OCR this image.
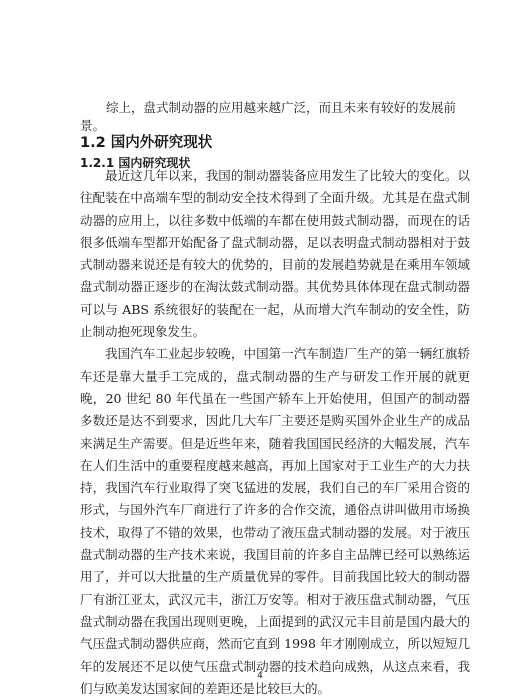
综上，盘式制动器的应用越来越广泛，而且未来有较好的发展前景。

1.2 国内外研究现状
1.2.1 国内研究现状

最近这几年以来，我国的制动器装备应用发生了比较大的变化。以往配装在中高端车型的制动安全技术得到了全面升级。尤其是在盘式制动器的应用上，以往多数中低端的车都在使用鼓式制动器，而现在的话很多低端车型都开始配备了盘式制动器，足以表明盘式制动器相对于鼓式制动器来说还是有较大的优势的，目前的发展趋势就是在乘用车领域盘式制动器正逐步的在淘汰鼓式制动器。其优势具体体现在盘式制动器可以与 ABS 系统很好的装配在一起，从而增大汽车制动的安全性，防止制动抱死现象发生。

我国汽车工业起步较晚，中国第一汽车制造厂生产的第一辆红旗轿车还是靠大量手工完成的，盘式制动器的生产与研发工作开展的就更晚，20 世纪 80 年代虽在一些国产轿车上开始使用，但国产的制动器多数还是达不到要求，因此几大车厂主要还是购买国外企业生产的成品来满足生产需要。但是近些年来，随着我国国民经济的大幅发展，汽车在人们生活中的重要程度越来越高，再加上国家对于工业生产的大力扶持，我国汽车行业取得了突飞猛进的发展，我们自己的车厂采用合资的形式，与国外汽车厂商进行了许多的合作交流，通俗点讲叫做用市场换技术，取得了不错的效果，也带动了液压盘式制动器的发展。对于液压盘式制动器的生产技术来说，我国目前的许多自主品牌已经可以熟练运用了，并可以大批量的生产质量优异的零件。目前我国比较大的制动器厂有浙江亚太，武汉元丰，浙江万安等。相对于液压盘式制动器，气压盘式制动器在我国出现则更晚，上面提到的武汉元丰目前是国内最大的气压盘式制动器供应商，然而它直到 1998 年才刚刚成立，所以短短几年的发展还不足以使气压盘式制动器的技术趋向成熟，从这点来看，我们与欧美发达国家间的差距还是比较巨大的。

4
